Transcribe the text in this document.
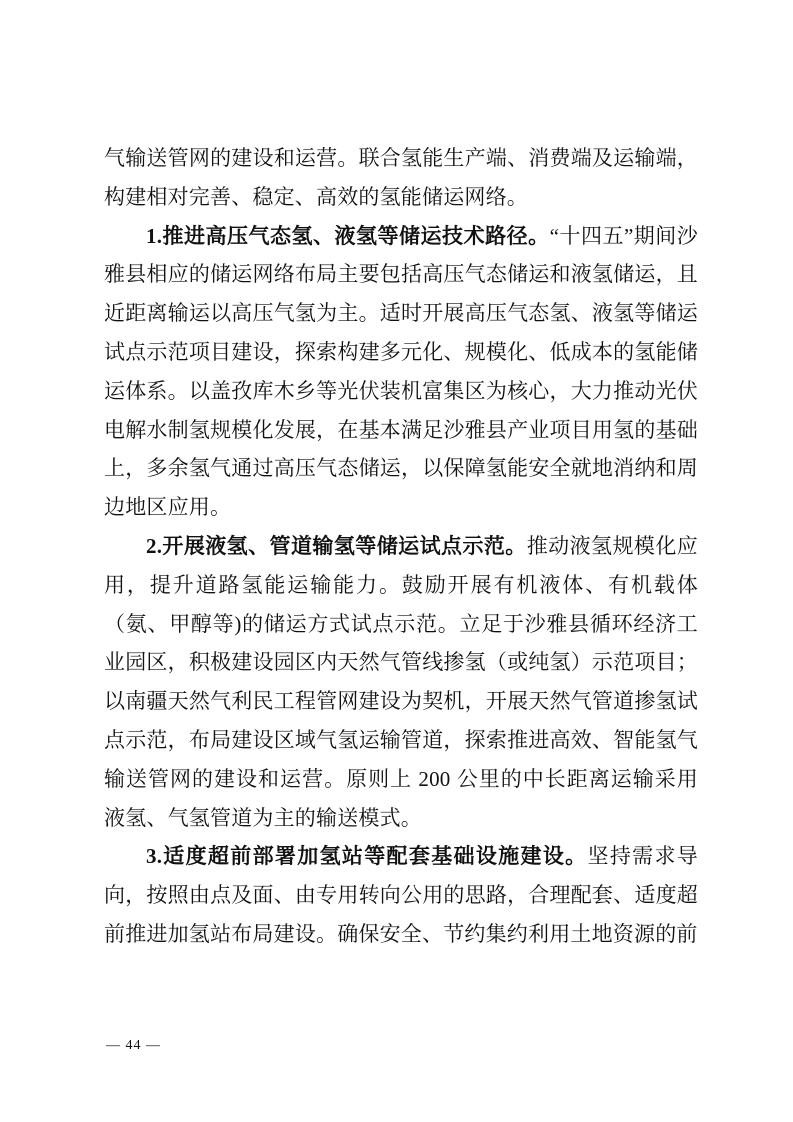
气输送管网的建设和运营。联合氢能生产端、消费端及运输端，构建相对完善、稳定、高效的氢能储运网络。

1.推进高压气态氢、液氢等储运技术路径。“十四五”期间沙雅县相应的储运网络布局主要包括高压气态储运和液氢储运，且近距离输运以高压气氢为主。适时开展高压气态氢、液氢等储运试点示范项目建设，探索构建多元化、规模化、低成本的氢能储运体系。以盖孜库木乡等光伏装机富集区为核心，大力推动光伏电解水制氢规模化发展，在基本满足沙雅县产业项目用氢的基础上，多余氢气通过高压气态储运，以保障氢能安全就地消纳和周边地区应用。

2.开展液氢、管道输氢等储运试点示范。推动液氢规模化应用，提升道路氢能运输能力。鼓励开展有机液体、有机载体（氨、甲醇等)的储运方式试点示范。立足于沙雅县循环经济工业园区，积极建设园区内天然气管线掺氢（或纯氢）示范项目；以南疆天然气利民工程管网建设为契机，开展天然气管道掺氢试点示范，布局建设区域气氢运输管道，探索推进高效、智能氢气输送管网的建设和运营。原则上 200 公里的中长距离运输采用液氢、气氢管道为主的输送模式。

3.适度超前部署加氢站等配套基础设施建设。坚持需求导向，按照由点及面、由专用转向公用的思路，合理配套、适度超前推进加氢站布局建设。确保安全、节约集约利用土地资源的前

— 44 —
